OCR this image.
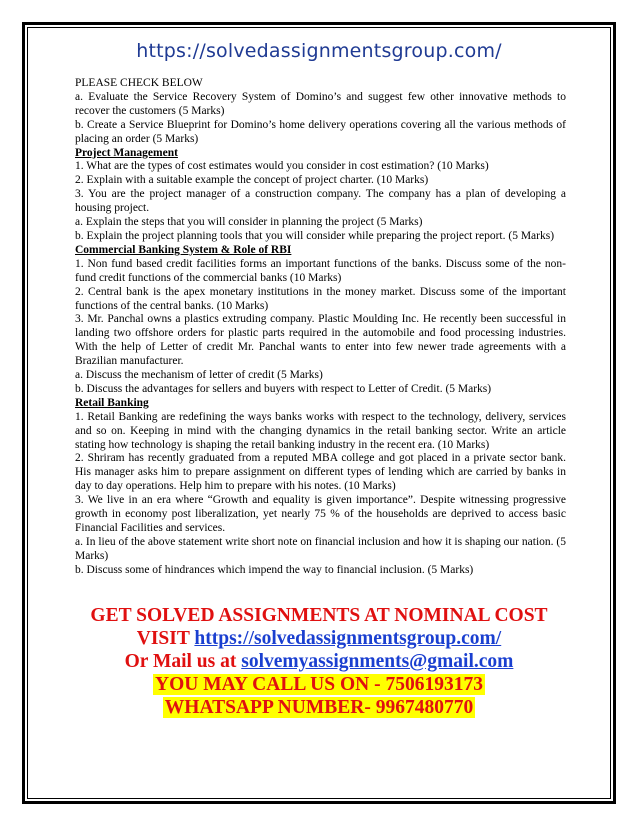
https://solvedassignmentsgroup.com/

PLEASE CHECK BELOW

a. Evaluate the Service Recovery System of Domino’s and suggest few other innovative methods to recover the customers (5 Marks)

b. Create a Service Blueprint for Domino’s home delivery operations covering all the various methods of placing an order (5 Marks)

Project Management

1. What are the types of cost estimates would you consider in cost estimation? (10 Marks)

2. Explain with a suitable example the concept of project charter. (10 Marks)

3. You are the project manager of a construction company. The company has a plan of developing a housing project.

a. Explain the steps that you will consider in planning the project (5 Marks)

b. Explain the project planning tools that you will consider while preparing the project report. (5 Marks)

Commercial Banking System & Role of RBI

1. Non fund based credit facilities forms an important functions of the banks. Discuss some of the non-fund credit functions of the commercial banks (10 Marks)

2. Central bank is the apex monetary institutions in the money market. Discuss some of the important functions of the central banks. (10 Marks)

3. Mr. Panchal owns a plastics extruding company. Plastic Moulding Inc. He recently been successful in landing two offshore orders for plastic parts required in the automobile and food processing industries. With the help of Letter of credit Mr. Panchal wants to enter into few newer trade agreements with a Brazilian manufacturer.

a. Discuss the mechanism of letter of credit (5 Marks)

b. Discuss the advantages for sellers and buyers with respect to Letter of Credit. (5 Marks)

Retail Banking

1. Retail Banking are redefining the ways banks works with respect to the technology, delivery, services and so on. Keeping in mind with the changing dynamics in the retail banking sector. Write an article stating how technology is shaping the retail banking industry in the recent era. (10 Marks)

2. Shriram has recently graduated from a reputed MBA college and got placed in a private sector bank. His manager asks him to prepare assignment on different types of lending which are carried by banks in day to day operations. Help him to prepare with his notes. (10 Marks)

3. We live in an era where “Growth and equality is given importance”. Despite witnessing progressive growth in economy post liberalization, yet nearly 75 % of the households are deprived to access basic Financial Facilities and services.

a. In lieu of the above statement write short note on financial inclusion and how it is shaping our nation. (5 Marks)

b. Discuss some of hindrances which impend the way to financial inclusion. (5 Marks)

GET SOLVED ASSIGNMENTS AT NOMINAL COST
VISIT https://solvedassignmentsgroup.com/
Or Mail us at solvemyassignments@gmail.com
YOU MAY CALL US ON - 7506193173
WHATSAPP NUMBER- 9967480770
